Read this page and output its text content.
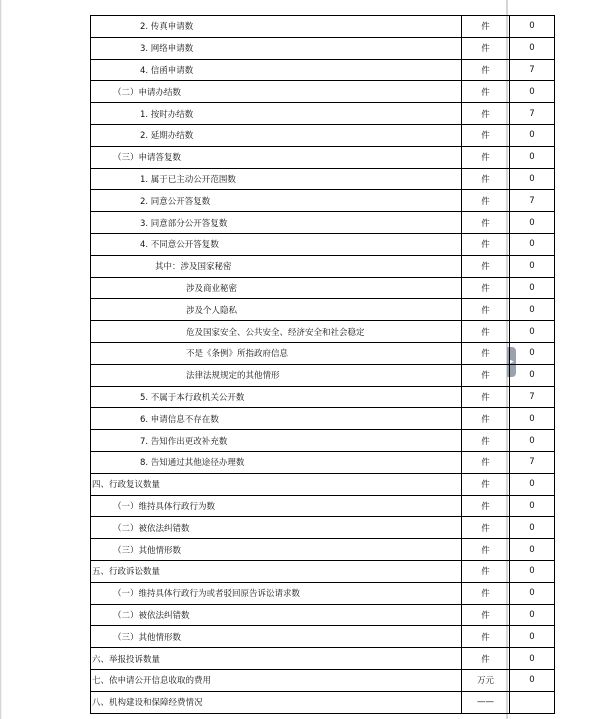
▸
2. 传真申请数	件	0
3. 网络申请数	件	0
4. 信函申请数	件	7
（二）申请办结数	件	0
1. 按时办结数	件	7
2. 延期办结数	件	0
（三）申请答复数	件	0
1. 属于已主动公开范围数	件	0
2. 同意公开答复数	件	7
3. 同意部分公开答复数	件	0
4. 不同意公开答复数	件	0
其中：涉及国家秘密	件	0
涉及商业秘密	件	0
涉及个人隐私	件	0
危及国家安全、公共安全、经济安全和社会稳定	件	0
不是《条例》所指政府信息	件	0
法律法规规定的其他情形	件	0
5. 不属于本行政机关公开数	件	7
6. 申请信息不存在数	件	0
7. 告知作出更改补充数	件	0
8. 告知通过其他途径办理数	件	7
四、行政复议数量	件	0
（一）维持具体行政行为数	件	0
（二）被依法纠错数	件	0
（三）其他情形数	件	0
五、行政诉讼数量	件	0
（一）维持具体行政行为或者驳回原告诉讼请求数	件	0
（二）被依法纠错数	件	0
（三）其他情形数	件	0
六、举报投诉数量	件	0
七、依申请公开信息收取的费用	万元	0
八、机构建设和保障经费情况	——	
